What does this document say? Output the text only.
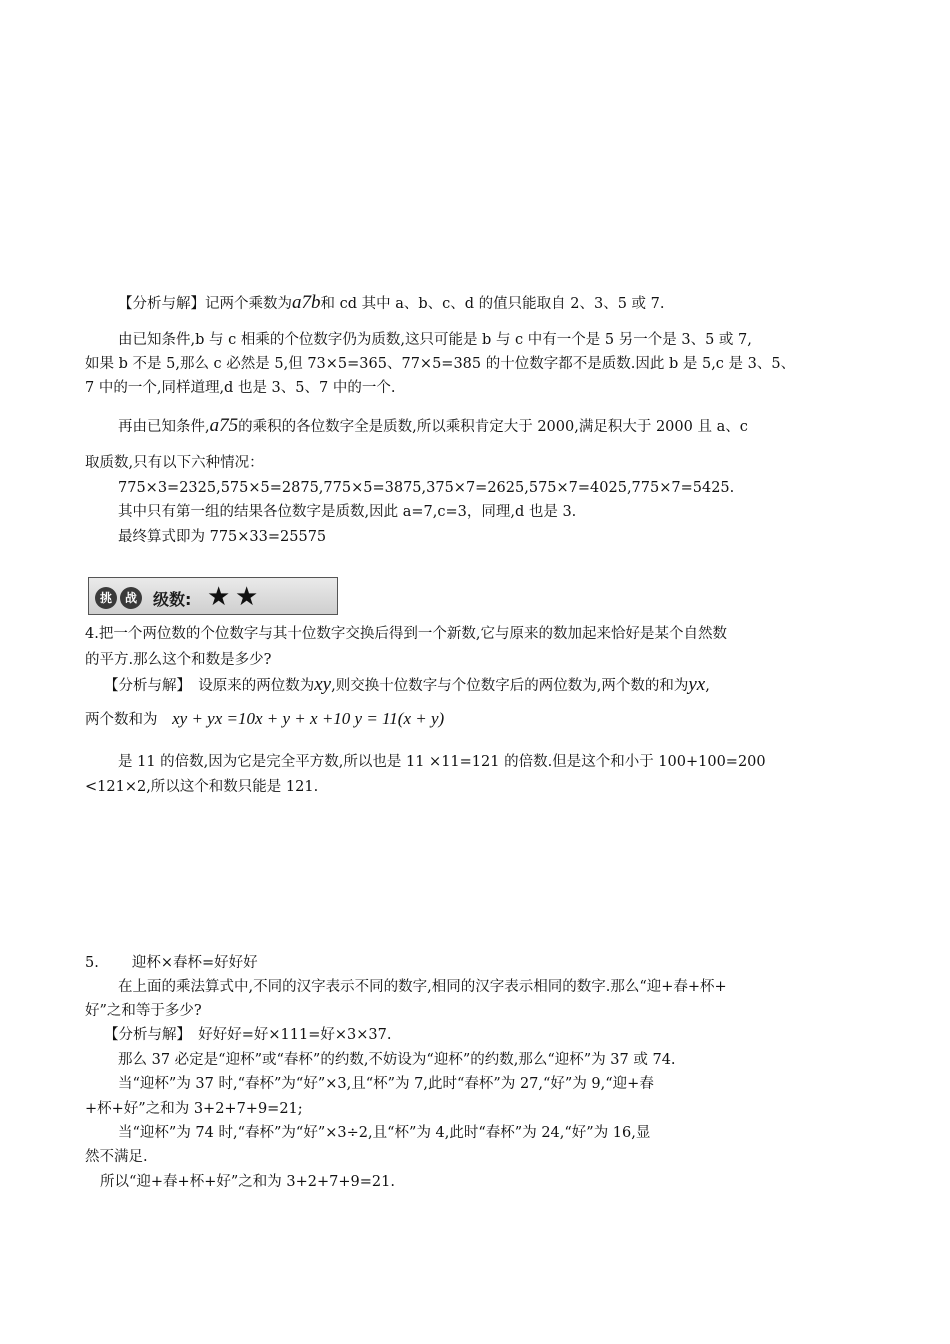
【分析与解】记两个乘数为a7b和 cd 其中 a、b、c、d 的值只能取自 2、3、5 或 7.
由已知条件,b 与 c 相乘的个位数字仍为质数,这只可能是 b 与 c 中有一个是 5 另一个是 3、5 或 7,
如果 b 不是 5,那么 c 必然是 5,但 73×5=365、77×5=385 的十位数字都不是质数.因此 b 是 5,c 是 3、5、
7 中的一个,同样道理,d 也是 3、5、7 中的一个.
再由已知条件,a75的乘积的各位数字全是质数,所以乘积肯定大于 2000,满足积大于 2000 且 a、c
取质数,只有以下六种情况：
775×3=2325,575×5=2875,775×5=3875,375×7=2625,575×7=4025,775×7=5425.
其中只有第一组的结果各位数字是质数,因此 a=7,c=3，同理,d 也是 3.
最终算式即为 775×33=25575
挑	战	级数: ★ ★
4.把一个两位数的个位数字与其十位数字交换后得到一个新数,它与原来的数加起来恰好是某个自然数
的平方.那么这个和数是多少?
【分析与解】　设原来的两位数为xy,则交换十位数字与个位数字后的两位数为,两个数的和为yx,
两个数和为 xy + yx =10x + y + x +10 y = 11(x + y)
是 11 的倍数,因为它是完全平方数,所以也是 11 ×11=121 的倍数.但是这个和小于 100+100=200
<121×2,所以这个和数只能是 121.
5. 迎杯×春杯=好好好
在上面的乘法算式中,不同的汉字表示不同的数字,相同的汉字表示相同的数字.那么“迎+春+杯+
好”之和等于多少?
【分析与解】　好好好=好×111=好×3×37.
那么 37 必定是“迎杯”或“春杯”的约数,不妨设为“迎杯”的约数,那么“迎杯”为 37 或 74.
当“迎杯”为 37 时,“春杯”为“好”×3,且“杯”为 7,此时“春杯”为 27,“好”为 9,“迎+春
+杯+好”之和为 3+2+7+9=21;
当“迎杯”为 74 时,“春杯”为“好”×3÷2,且“杯”为 4,此时“春杯”为 24,“好”为 16,显
然不满足.
所以“迎+春+杯+好”之和为 3+2+7+9=21.
